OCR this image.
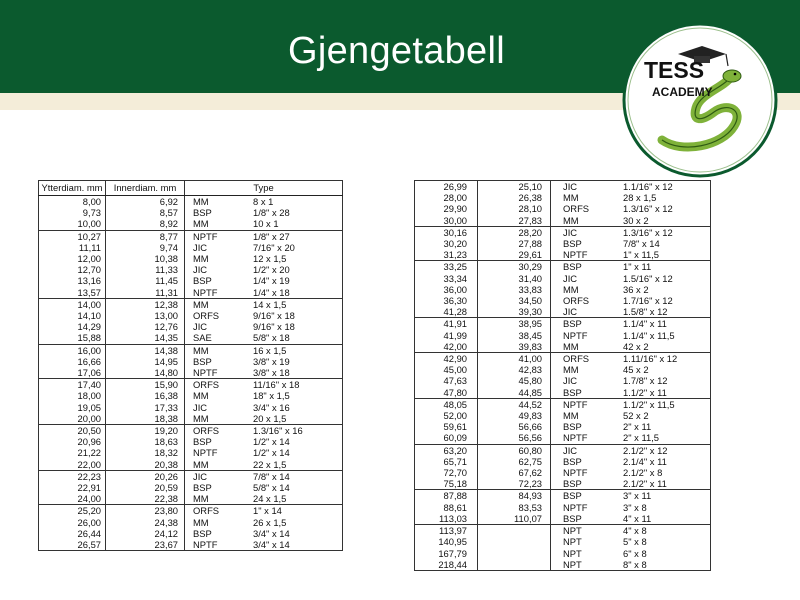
Gjengetabell	TESS
ACADEMY
Ytterdiam. mm	Innerdiam. mm	Type	
8,00	6,92	MM	8 x 1
9,73	8,57	BSP	1/8" x 28
10,00	8,92	MM	10 x 1
10,27	8,77	NPTF	1/8" x 27
11,11	9,74	JIC	7/16" x 20
12,00	10,38	MM	12 x 1,5
12,70	11,33	JIC	1/2" x 20
13,16	11,45	BSP	1/4" x 19
13,57	11,31	NPTF	1/4" x 18
14,00	12,38	MM	14 x 1,5
14,10	13,00	ORFS	9/16" x 18
14,29	12,76	JIC	9/16" x 18
15,88	14,35	SAE	5/8" x 18
16,00	14,38	MM	16 x 1,5
16,66	14,95	BSP	3/8" x 19
17,06	14,80	NPTF	3/8" x 18
17,40	15,90	ORFS	11/16" x 18
18,00	16,38	MM	18" x 1,5
19,05	17,33	JIC	3/4" x 16
20,00	18,38	MM	20 x 1,5
20,50	19,20	ORFS	1.3/16" x 16
20,96	18,63	BSP	1/2" x 14
21,22	18,32	NPTF	1/2" x 14
22,00	20,38	MM	22 x 1,5
22,23	20,26	JIC	7/8" x 14
22,91	20,59	BSP	5/8" x 14
24,00	22,38	MM	24 x 1,5
25,20	23,80	ORFS	1" x 14
26,00	24,38	MM	26 x 1,5
26,44	24,12	BSP	3/4" x 14
26,57	23,67	NPTF	3/4" x 14
26,99	25,10	JIC	1.1/16" x 12
28,00	26,38	MM	28 x 1,5
29,90	28,10	ORFS	1.3/16" x 12
30,00	27,83	MM	30 x 2
30,16	28,20	JIC	1.3/16" x 12
30,20	27,88	BSP	7/8" x 14
31,23	29,61	NPTF	1" x 11,5
33,25	30,29	BSP	1" x 11
33,34	31,40	JIC	1.5/16" x 12
36,00	33,83	MM	36 x 2
36,30	34,50	ORFS	1.7/16" x 12
41,28	39,30	JIC	1.5/8" x 12
41,91	38,95	BSP	1.1/4" x 11
41,99	38,45	NPTF	1.1/4" x 11,5
42,00	39,83	MM	42 x 2
42,90	41,00	ORFS	1.11/16" x 12
45,00	42,83	MM	45 x 2
47,63	45,80	JIC	1.7/8" x 12
47,80	44,85	BSP	1.1/2" x 11
48,05	44,52	NPTF	1.1/2" x 11,5
52,00	49,83	MM	52 x 2
59,61	56,66	BSP	2" x 11
60,09	56,56	NPTF	2" x 11,5
63,20	60,80	JIC	2.1/2" x 12
65,71	62,75	BSP	2.1/4" x 11
72,70	67,62	NPTF	2.1/2" x 8
75,18	72,23	BSP	2.1/2" x 11
87,88	84,93	BSP	3" x 11
88,61	83,53	NPTF	3" x 8
113,03	110,07	BSP	4" x 11
113,97		NPT	4" x 8
140,95		NPT	5" x 8
167,79		NPT	6" x 8
218,44		NPT	8" x 8
